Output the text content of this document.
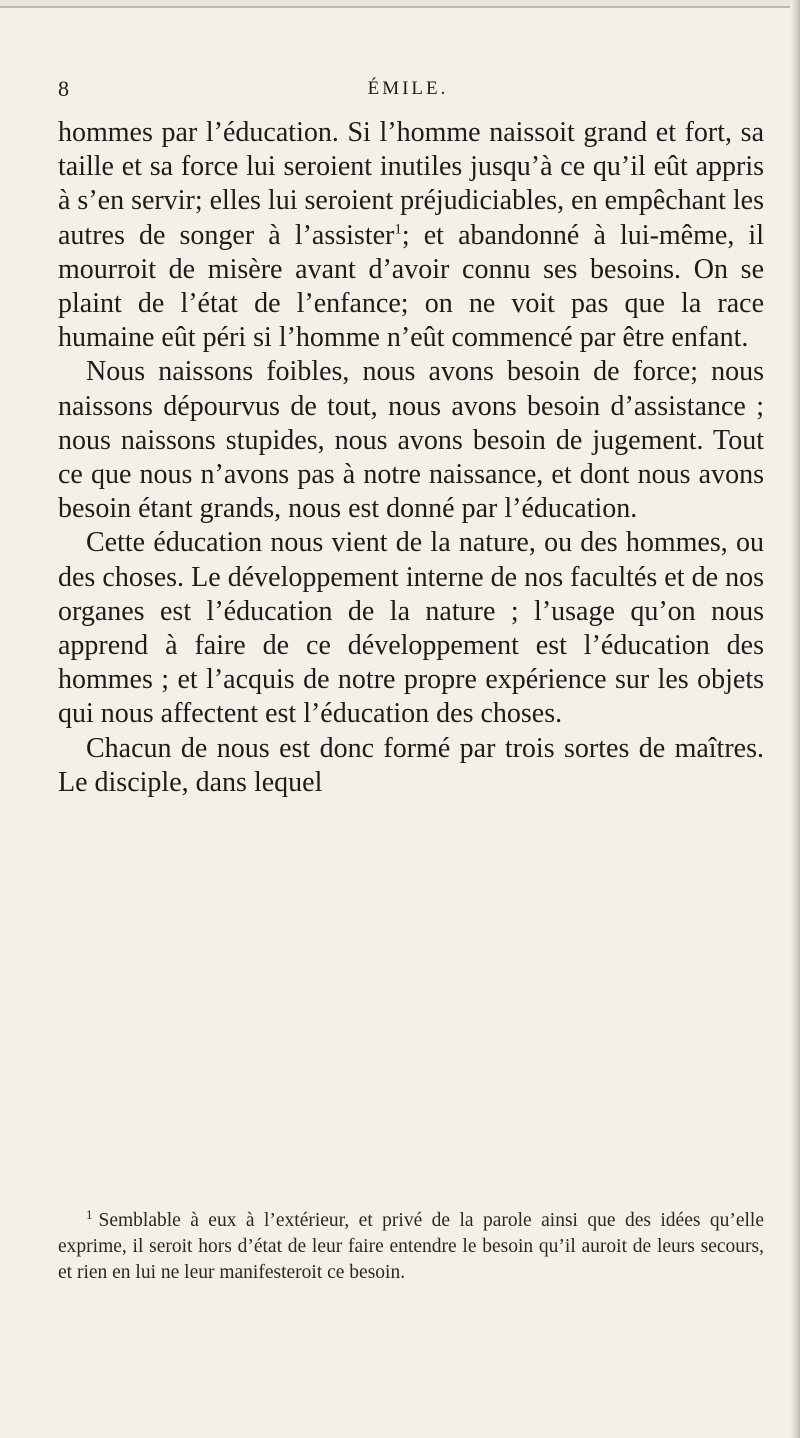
8	ÉMILE.

hommes par l’éducation. Si l’homme naissoit grand et fort, sa taille et sa force lui seroient inutiles jusqu’à ce qu’il eût appris à s’en servir; elles lui seroient préjudiciables, en empêchant les autres de songer à l’assister$^1$; et abandonné à lui-même, il mourroit de misère avant d’avoir connu ses besoins. On se plaint de l’état de l’enfance; on ne voit pas que la race humaine eût péri si l’homme n’eût commencé par être enfant.

Nous naissons foibles, nous avons besoin de force; nous naissons dépourvus de tout, nous avons besoin d’assistance ; nous naissons stupides, nous avons besoin de jugement. Tout ce que nous n’avons pas à notre naissance, et dont nous avons besoin étant grands, nous est donné par l’éducation.

Cette éducation nous vient de la nature, ou des hommes, ou des choses. Le développement interne de nos facultés et de nos organes est l’éducation de la nature ; l’usage qu’on nous apprend à faire de ce développement est l’éducation des hommes ; et l’acquis de notre propre expérience sur les objets qui nous affectent est l’éducation des choses.

Chacun de nous est donc formé par trois sortes de maîtres. Le disciple, dans lequel

$^1$ Semblable à eux à l’extérieur, et privé de la parole ainsi que des idées qu’elle exprime, il seroit hors d’état de leur faire entendre le besoin qu’il auroit de leurs secours, et rien en lui ne leur manifesteroit ce besoin.
